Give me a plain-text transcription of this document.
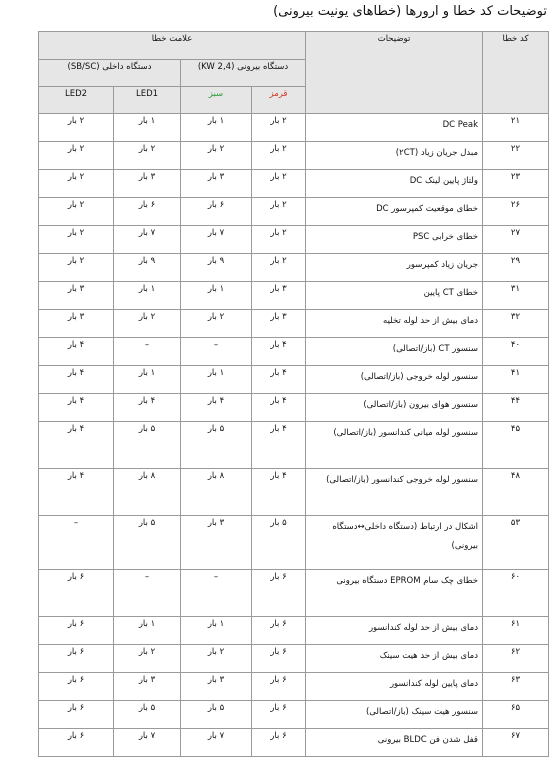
توضیحات کد خطا و ارورها (خطاهای یونیت بیرونی)
کد خطا	توضیحات	علامت خطا			
		دستگاه بیرونی (KW 2,4)		دستگاه داخلی (SB/SC)	
		قرمز	سبز	LED1	LED2
۲۱	DC Peak	۲ بار	۱ بار	۱ بار	۲ بار
۲۲	مبدل جریان زیاد (۲CT)	۲ بار	۲ بار	۲ بار	۲ بار
۲۳	ولتاژ پایین لینک DC	۲ بار	۳ بار	۳ بار	۲ بار
۲۶	خطای موقعیت کمپرسور DC	۲ بار	۶ بار	۶ بار	۲ بار
۲۷	خطای خرابی PSC	۲ بار	۷ بار	۷ بار	۲ بار
۲۹	جریان زیاد کمپرسور	۲ بار	۹ بار	۹ بار	۲ بار
۳۱	خطای CT پایین	۳ بار	۱ بار	۱ بار	۳ بار
۳۲	دمای بیش از حد لوله تخلیه	۳ بار	۲ بار	۲ بار	۳ بار
۴۰	سنسور CT (باز/اتصالی)	۴ بار	–	–	۴ بار
۴۱	سنسور لوله خروجی (باز/اتصالی)	۴ بار	۱ بار	۱ بار	۴ بار
۴۴	سنسور هوای بیرون (باز/اتصالی)	۴ بار	۴ بار	۴ بار	۴ بار
۴۵	سنسور لوله میانی کندانسور (باز/اتصالی)	۴ بار	۵ بار	۵ بار	۴ بار
۴۸	سنسور لوله خروجی کندانسور (باز/اتصالی)	۴ بار	۸ بار	۸ بار	۴ بار
۵۳	اشکال در ارتباط (دستگاه داخلی↔دستگاه بیرونی)	۵ بار	۳ بار	۵ بار	–
۶۰	خطای چک سام EPROM دستگاه بیرونی	۶ بار	–	–	۶ بار
۶۱	دمای بیش از حد لوله کندانسور	۶ بار	۱ بار	۱ بار	۶ بار
۶۲	دمای بیش از حد هیت سینک	۶ بار	۲ بار	۲ بار	۶ بار
۶۳	دمای پایین لوله کندانسور	۶ بار	۳ بار	۳ بار	۶ بار
۶۵	سنسور هیت سینک (باز/اتصالی)	۶ بار	۵ بار	۵ بار	۶ بار
۶۷	قفل شدن فن BLDC بیرونی	۶ بار	۷ بار	۷ بار	۶ بار
